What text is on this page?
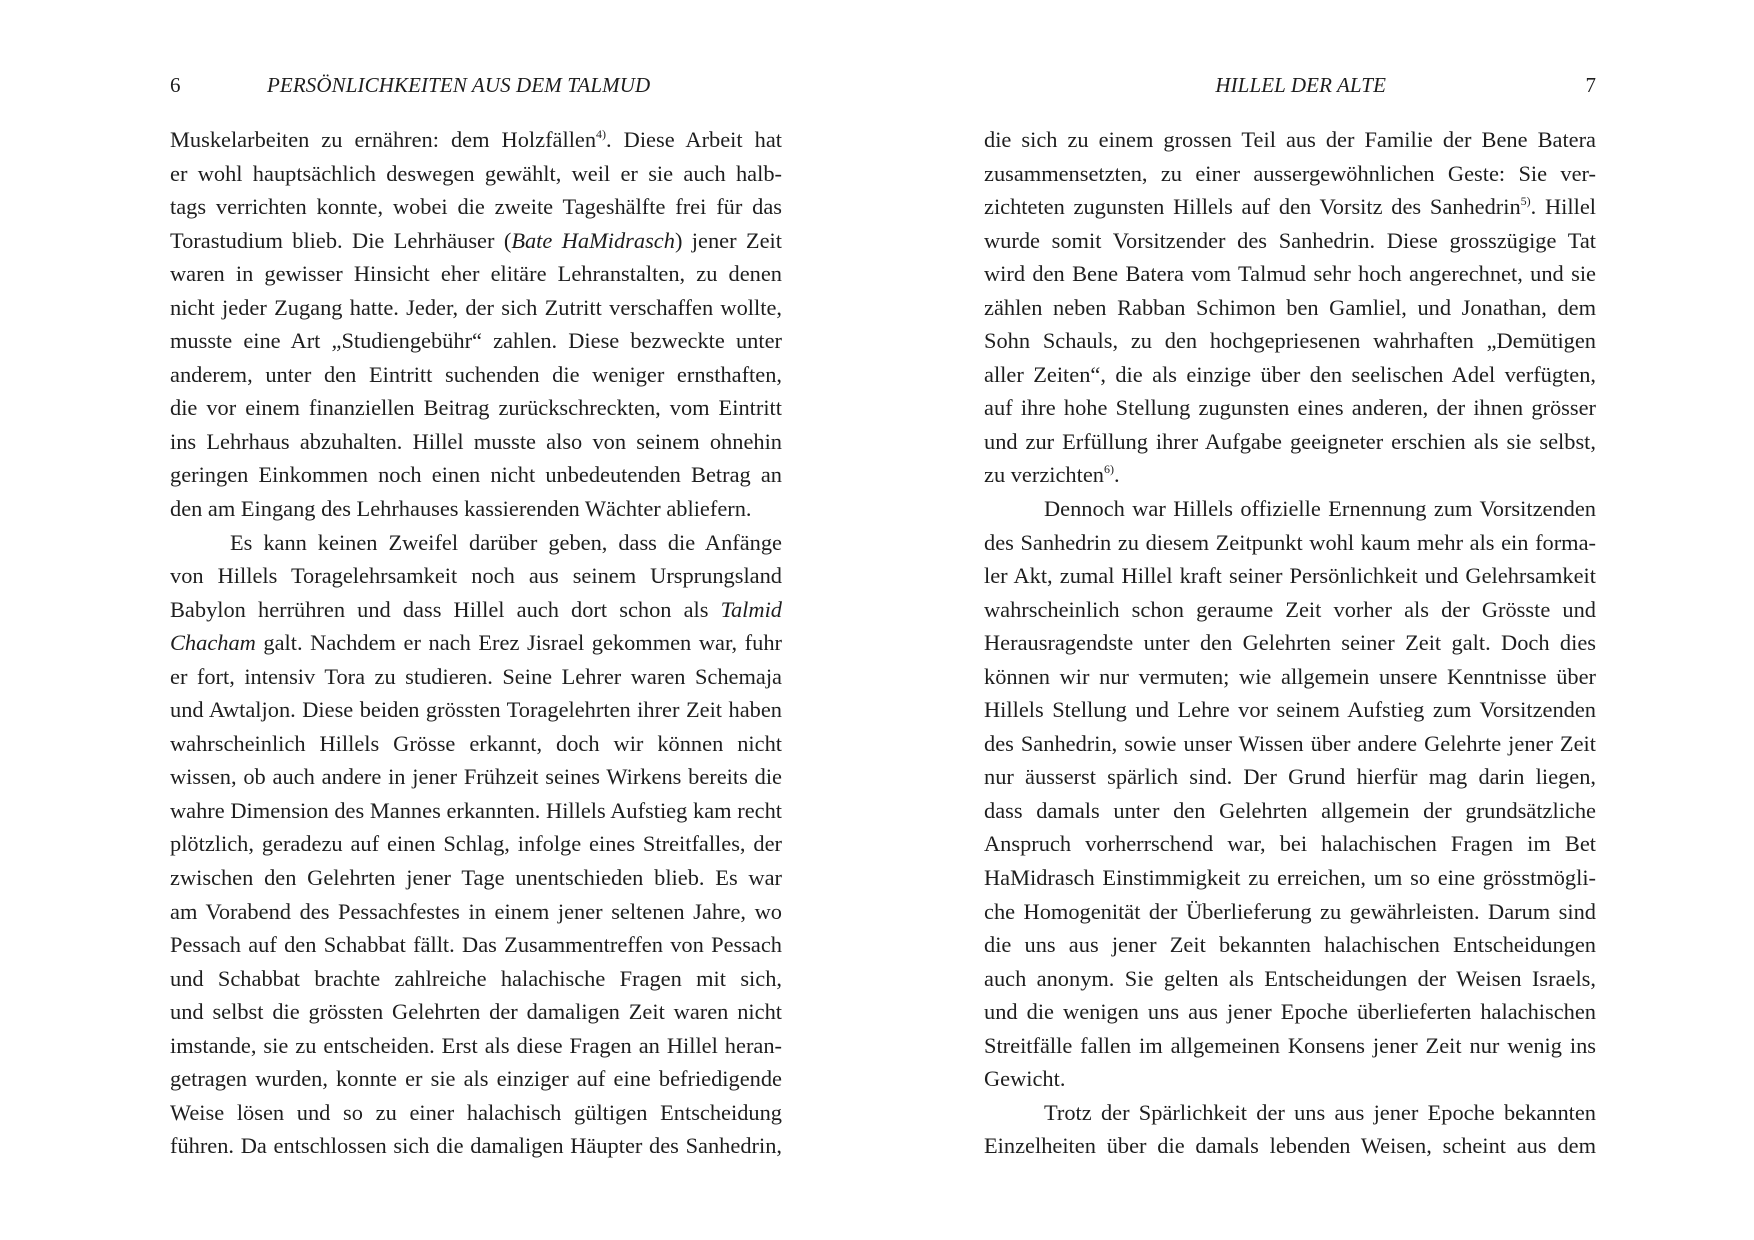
6	PERSÖNLICHKEITEN AUS DEM TALMUD
Muskelarbeiten zu ernähren: dem Holzfällen$^{4)}$. Diese Arbeit hat
er wohl hauptsächlich deswegen gewählt, weil er sie auch halb-
tags verrichten konnte, wobei die zweite Tageshälfte frei für das
Torastudium blieb. Die Lehrhäuser (Bate HaMidrasch) jener Zeit
waren in gewisser Hinsicht eher elitäre Lehranstalten, zu denen
nicht jeder Zugang hatte. Jeder, der sich Zutritt verschaffen wollte,
musste eine Art „Studiengebühr“ zahlen. Diese bezweckte unter
anderem, unter den Eintritt suchenden die weniger ernsthaften,
die vor einem finanziellen Beitrag zurückschreckten, vom Eintritt
ins Lehrhaus abzuhalten. Hillel musste also von seinem ohnehin
geringen Einkommen noch einen nicht unbedeutenden Betrag an
den am Eingang des Lehrhauses kassierenden Wächter abliefern.
Es kann keinen Zweifel darüber geben, dass die Anfänge
von Hillels Toragelehrsamkeit noch aus seinem Ursprungsland
Babylon herrühren und dass Hillel auch dort schon als Talmid
Chacham galt. Nachdem er nach Erez Jisrael gekommen war, fuhr
er fort, intensiv Tora zu studieren. Seine Lehrer waren Schemaja
und Awtaljon. Diese beiden grössten Toragelehrten ihrer Zeit haben
wahrscheinlich Hillels Grösse erkannt, doch wir können nicht
wissen, ob auch andere in jener Frühzeit seines Wirkens bereits die
wahre Dimension des Mannes erkannten. Hillels Aufstieg kam recht
plötzlich, geradezu auf einen Schlag, infolge eines Streitfalles, der
zwischen den Gelehrten jener Tage unentschieden blieb. Es war
am Vorabend des Pessachfestes in einem jener seltenen Jahre, wo
Pessach auf den Schabbat fällt. Das Zusammentreffen von Pessach
und Schabbat brachte zahlreiche halachische Fragen mit sich,
und selbst die grössten Gelehrten der damaligen Zeit waren nicht
imstande, sie zu entscheiden. Erst als diese Fragen an Hillel heran-
getragen wurden, konnte er sie als einziger auf eine befriedigende
Weise lösen und so zu einer halachisch gültigen Entscheidung
führen. Da entschlossen sich die damaligen Häupter des Sanhedrin,
HILLEL DER ALTE	7
die sich zu einem grossen Teil aus der Familie der Bene Batera
zusammensetzten, zu einer aussergewöhnlichen Geste: Sie ver-
zichteten zugunsten Hillels auf den Vorsitz des Sanhedrin$^{5)}$. Hillel
wurde somit Vorsitzender des Sanhedrin. Diese grosszügige Tat
wird den Bene Batera vom Talmud sehr hoch angerechnet, und sie
zählen neben Rabban Schimon ben Gamliel, und Jonathan, dem
Sohn Schauls, zu den hochgepriesenen wahrhaften „Demütigen
aller Zeiten“, die als einzige über den seelischen Adel verfügten,
auf ihre hohe Stellung zugunsten eines anderen, der ihnen grösser
und zur Erfüllung ihrer Aufgabe geeigneter erschien als sie selbst,
zu verzichten$^{6)}$.
Dennoch war Hillels offizielle Ernennung zum Vorsitzenden
des Sanhedrin zu diesem Zeitpunkt wohl kaum mehr als ein forma-
ler Akt, zumal Hillel kraft seiner Persönlichkeit und Gelehrsamkeit
wahrscheinlich schon geraume Zeit vorher als der Grösste und
Herausragendste unter den Gelehrten seiner Zeit galt. Doch dies
können wir nur vermuten; wie allgemein unsere Kenntnisse über
Hillels Stellung und Lehre vor seinem Aufstieg zum Vorsitzenden
des Sanhedrin, sowie unser Wissen über andere Gelehrte jener Zeit
nur äusserst spärlich sind. Der Grund hierfür mag darin liegen,
dass damals unter den Gelehrten allgemein der grundsätzliche
Anspruch vorherrschend war, bei halachischen Fragen im Bet
HaMidrasch Einstimmigkeit zu erreichen, um so eine grösstmögli-
che Homogenität der Überlieferung zu gewährleisten. Darum sind
die uns aus jener Zeit bekannten halachischen Entscheidungen
auch anonym. Sie gelten als Entscheidungen der Weisen Israels,
und die wenigen uns aus jener Epoche überlieferten halachischen
Streitfälle fallen im allgemeinen Konsens jener Zeit nur wenig ins
Gewicht.
Trotz der Spärlichkeit der uns aus jener Epoche bekannten
Einzelheiten über die damals lebenden Weisen, scheint aus dem
